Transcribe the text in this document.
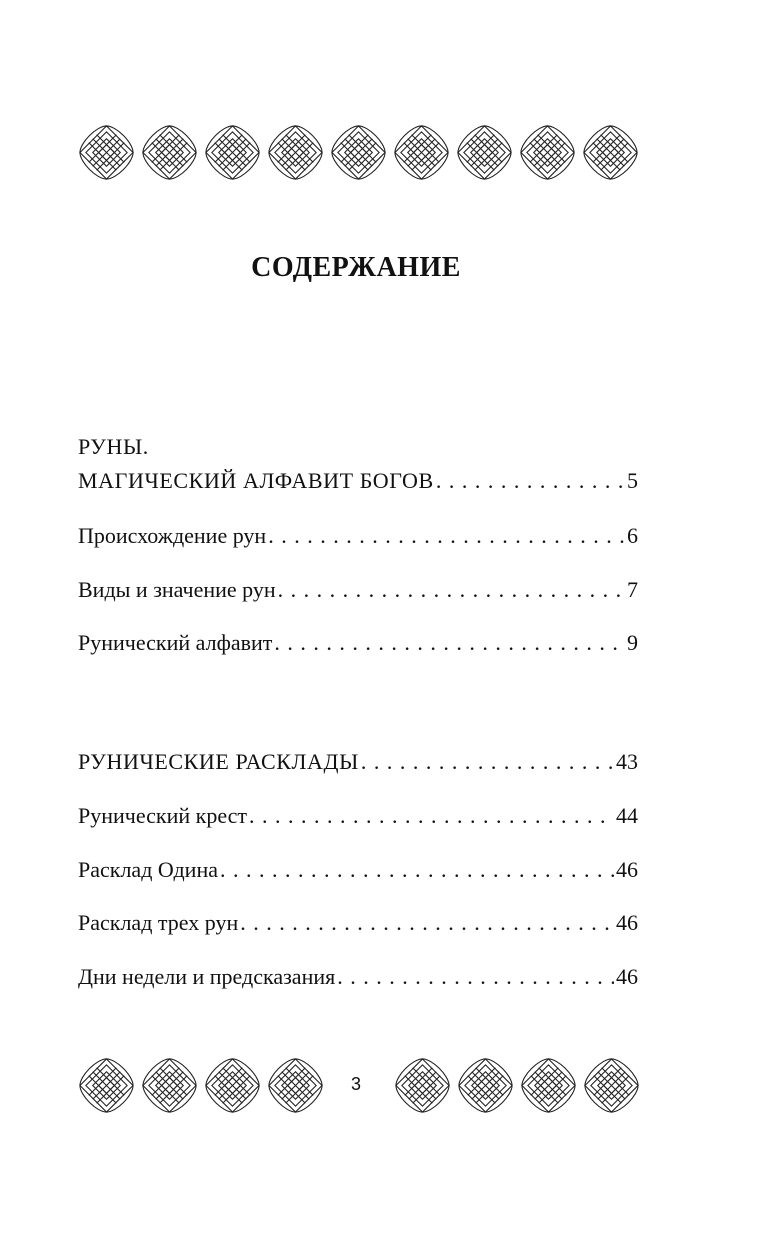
СОДЕРЖАНИЕ
РУНЫ.
МАГИЧЕСКИЙ АЛФАВИТ БОГОВ . . .	5
Происхождение рун . . .	6
Виды и значение рун . . .	7
Рунический алфавит . . .	9
РУНИЧЕСКИЕ РАСКЛАДЫ . . .	43
Рунический крест . . .	44
Расклад Одина . . .	46
Расклад трех рун . . .	46
Дни недели и предсказания . . .	46
3
